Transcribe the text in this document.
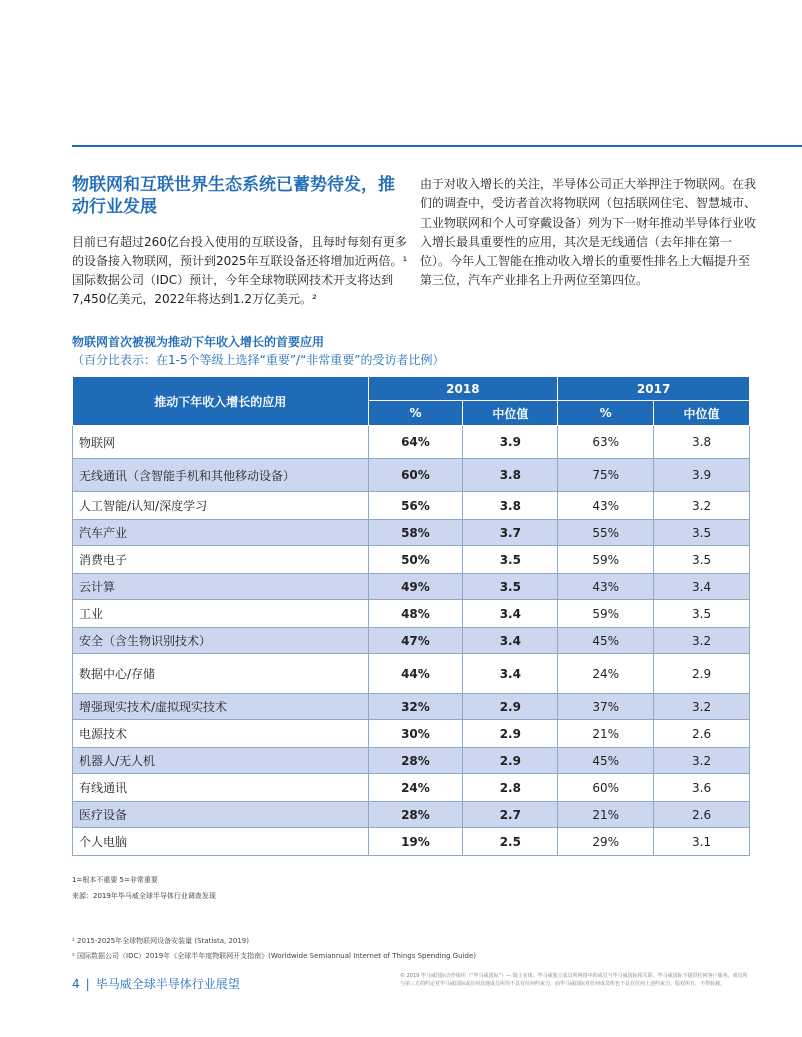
物联网和互联世界生态系统已蓄势待发，推动行业发展
目前已有超过260亿台投入使用的互联设备，且每时每刻有更多的设备接入物联网，预计到2025年互联设备还将增加近两倍。¹国际数据公司（IDC）预计，今年全球物联网技术开支将达到7,450亿美元，2022年将达到1.2万亿美元。²
由于对收入增长的关注，半导体公司正大举押注于物联网。在我们的调查中，受访者首次将物联网（包括联网住宅、智慧城市、工业物联网和个人可穿戴设备）列为下一财年推动半导体行业收入增长最具重要性的应用，其次是无线通信（去年排在第一位）。今年人工智能在推动收入增长的重要性排名上大幅提升至第三位，汽车产业排名上升两位至第四位。
物联网首次被视为推动下年收入增长的首要应用
（百分比表示：在1-5个等级上选择“重要”/“非常重要”的受访者比例）
推动下年收入增长的应用	2018		2017	
	%	中位值	%	中位值
物联网	64%	3.9	63%	3.8
无线通讯（含智能手机和其他移动设备）	60%	3.8	75%	3.9
人工智能/认知/深度学习	56%	3.8	43%	3.2
汽车产业	58%	3.7	55%	3.5
消费电子	50%	3.5	59%	3.5
云计算	49%	3.5	43%	3.4
工业	48%	3.4	59%	3.5
安全（含生物识别技术）	47%	3.4	45%	3.2
数据中心/存储	44%	3.4	24%	2.9
增强现实技术/虚拟现实技术	32%	2.9	37%	3.2
电源技术	30%	2.9	21%	2.6
机器人/无人机	28%	2.9	45%	3.2
有线通讯	24%	2.8	60%	3.6
医疗设备	28%	2.7	21%	2.6
个人电脑	19%	2.5	29%	3.1
1=根本不重要 5=非常重要
来源：2019年毕马威全球半导体行业调查发现
¹ 2015-2025年全球物联网设备安装量 (Statista, 2019)
² 国际数据公司（IDC）2019年《全球半年度物联网开支指南》(Worldwide Semiannual Internet of Things Spending Guide)
4 | 毕马威全球半导体行业展望
© 2019 毕马威国际合作组织（“毕马威国际”）— 瑞士实体。毕马威独立成员所网络中的成员与毕马威国际相关联。毕马威国际不提供任何客户服务。成员所与第三方的约定对毕马威国际或任何其他成员所均不具有任何约束力，而毕马威国际对任何成员所也不具有任何上述约束力。版权所有，不得转载。
